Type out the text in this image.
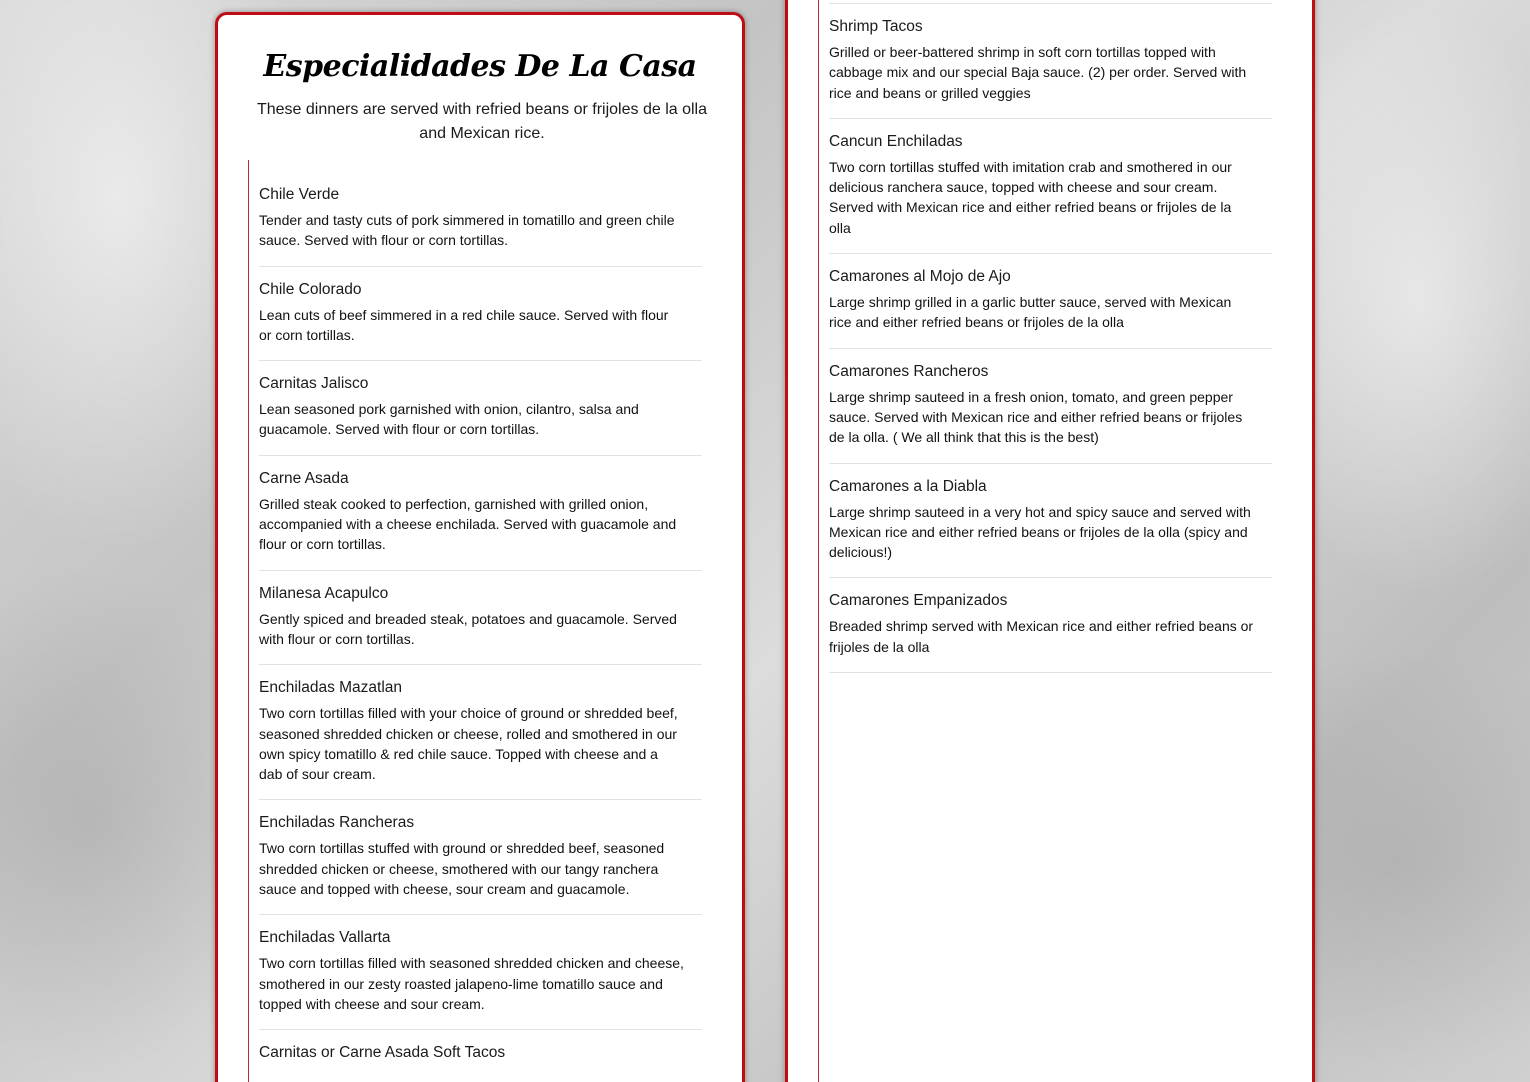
Especialidades De La Casa

These dinners are served with refried beans or frijoles de la olla and Mexican rice.

Chile Verde

Tender and tasty cuts of pork simmered in tomatillo and green chile sauce. Served with flour or corn tortillas.

Chile Colorado

Lean cuts of beef simmered in a red chile sauce. Served with flour or corn tortillas.

Carnitas Jalisco

Lean seasoned pork garnished with onion, cilantro, salsa and guacamole. Served with flour or corn tortillas.

Carne Asada

Grilled steak cooked to perfection, garnished with grilled onion, accompanied with a cheese enchilada. Served with guacamole and flour or corn tortillas.

Milanesa Acapulco

Gently spiced and breaded steak, potatoes and guacamole. Served with flour or corn tortillas.

Enchiladas Mazatlan

Two corn tortillas filled with your choice of ground or shredded beef, seasoned shredded chicken or cheese, rolled and smothered in our own spicy tomatillo & red chile sauce. Topped with cheese and a dab of sour cream.

Enchiladas Rancheras

Two corn tortillas stuffed with ground or shredded beef, seasoned shredded chicken or cheese, smothered with our tangy ranchera sauce and topped with cheese, sour cream and guacamole.

Enchiladas Vallarta

Two corn tortillas filled with seasoned shredded chicken and cheese, smothered in our zesty roasted jalapeno-lime tomatillo sauce and topped with cheese and sour cream.

Carnitas or Carne Asada Soft Tacos
Shrimp Tacos

Grilled or beer-battered shrimp in soft corn tortillas topped with cabbage mix and our special Baja sauce. (2) per order. Served with rice and beans or grilled veggies

Cancun Enchiladas

Two corn tortillas stuffed with imitation crab and smothered in our delicious ranchera sauce, topped with cheese and sour cream. Served with Mexican rice and either refried beans or frijoles de la olla

Camarones al Mojo de Ajo

Large shrimp grilled in a garlic butter sauce, served with Mexican rice and either refried beans or frijoles de la olla

Camarones Rancheros

Large shrimp sauteed in a fresh onion, tomato, and green pepper sauce. Served with Mexican rice and either refried beans or frijoles de la olla. ( We all think that this is the best)

Camarones a la Diabla

Large shrimp sauteed in a very hot and spicy sauce and served with Mexican rice and either refried beans or frijoles de la olla (spicy and delicious!)

Camarones Empanizados

Breaded shrimp served with Mexican rice and either refried beans or frijoles de la olla
